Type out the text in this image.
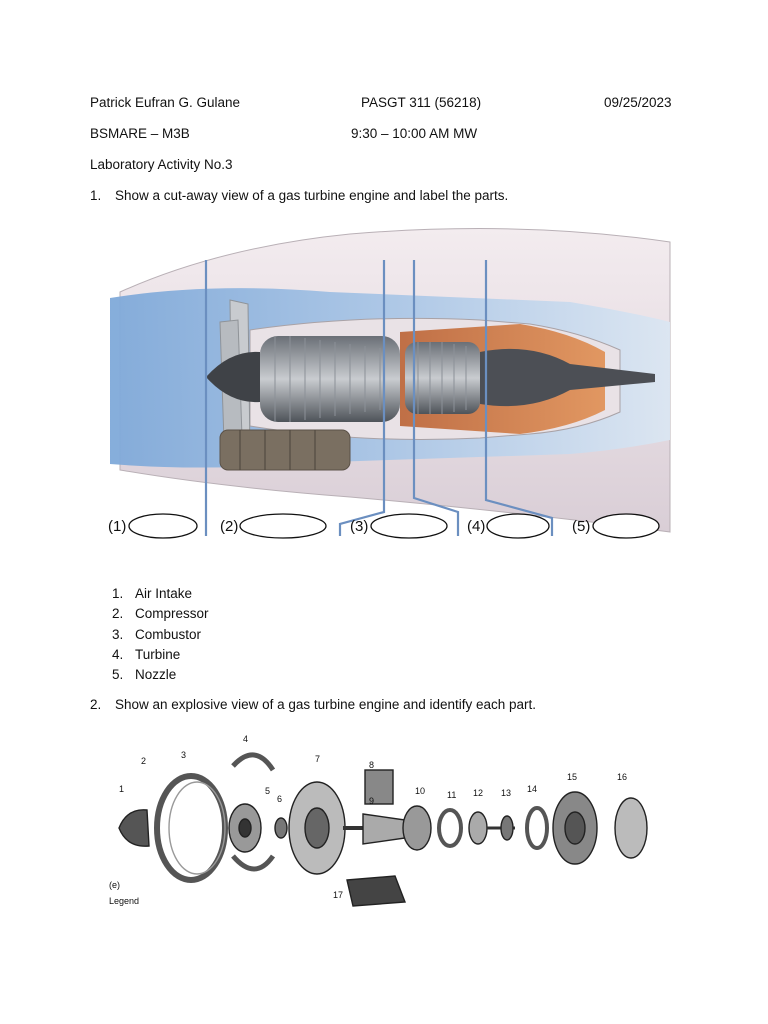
Patrick Eufran G. Gulane	PASGT 311 (56218)	09/25/2023
BSMARE – M3B	9:30 – 10:00 AM MW
Laboratory Activity No.3
1. Show a cut-away view of a gas turbine engine and label the parts.
(1)	(2)	(3)	(4)	(5)
1. Air Intake
2. Compressor
3. Combustor
4. Turbine
5. Nozzle
2. Show an explosive view of a gas turbine engine and identify each part.
1
2
3
4
5
6
7
8
9
10 11 12 13 14
15	16
17
(e)
Legend
